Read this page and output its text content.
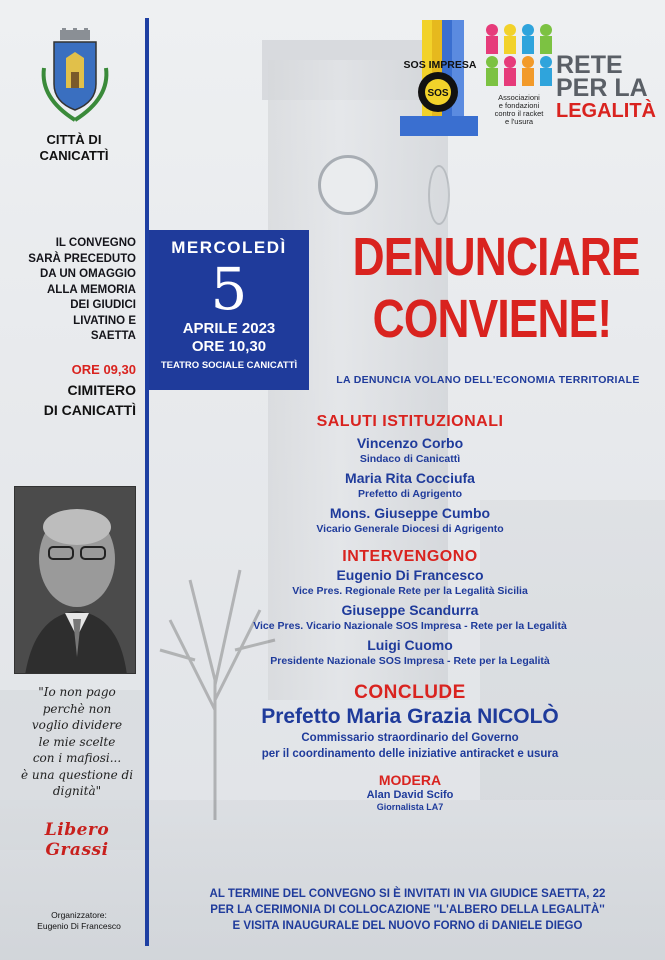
CITTÀ DI
CANICATTÌ
IL CONVEGNO
SARÀ PRECEDUTO
DA UN OMAGGIO
ALLA MEMORIA
DEI GIUDICI
LIVATINO E
SAETTA
ORE 09,30
CIMITERO
DI CANICATTÌ
"Io non pago
perchè non
voglio dividere
le mie scelte
con i mafiosi...
è una questione di
dignità"
Libero Grassi
Organizzatore:
Eugenio Di Francesco
SOS
SOS IMPRESA
Associazioni
e fondazioni
contro il racket
e l'usura
RETE
PER LA
LEGALITÀ
MERCOLEDÌ
5
APRILE 2023
ORE 10,30
TEATRO SOCIALE CANICATTÌ
DENUNCIARE
CONVIENE!
LA DENUNCIA VOLANO DELL'ECONOMIA TERRITORIALE
SALUTI ISTITUZIONALI
Vincenzo Corbo
Sindaco di Canicattì
Maria Rita Cocciufa
Prefetto di Agrigento
Mons. Giuseppe Cumbo
Vicario Generale Diocesi di Agrigento
INTERVENGONO
Eugenio Di Francesco
Vice Pres. Regionale Rete per la Legalità Sicilia
Giuseppe Scandurra
Vice Pres. Vicario Nazionale SOS Impresa - Rete per la Legalità
Luigi Cuomo
Presidente Nazionale SOS Impresa - Rete per la Legalità
CONCLUDE
Prefetto Maria Grazia NICOLÒ
Commissario straordinario del Governo
per il coordinamento delle iniziative antiracket e usura
MODERA
Alan David Scifo
Giornalista LA7
AL TERMINE DEL CONVEGNO SI È INVITATI IN VIA GIUDICE SAETTA, 22
PER LA CERIMONIA DI COLLOCAZIONE ''L'ALBERO DELLA LEGALITÀ''
E VISITA INAUGURALE DEL NUOVO FORNO di DANIELE DIEGO
